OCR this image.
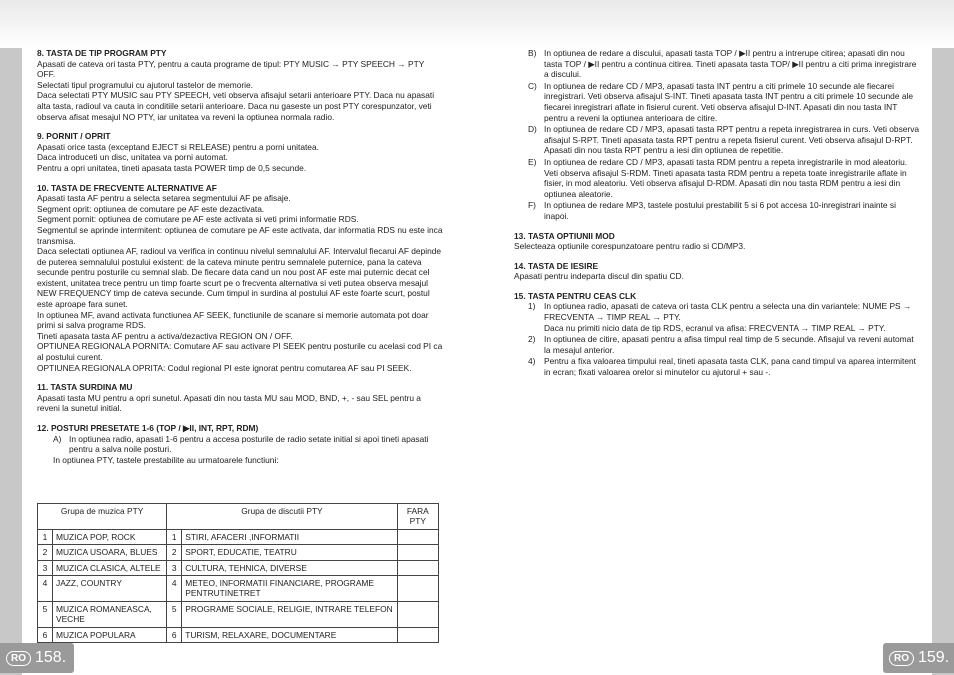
8. TASTA DE TIP PROGRAM PTY

Apasati de cateva ori tasta PTY, pentru a cauta programe de tipul: PTY MUSIC → PTY SPEECH → PTY OFF.

Selectati tipul programului cu ajutorul tastelor de memorie.

Daca selectati PTY MUSIC sau PTY SPEECH, veti observa afisajul setarii anterioare PTY. Daca nu apasati alta tasta, radioul va cauta in conditiile setarii anterioare. Daca nu gaseste un post PTY corespunzator, veti observa afisat mesajul NO PTY, iar unitatea va reveni la optiunea normala radio.

9. PORNIT / OPRIT

Apasati orice tasta (exceptand EJECT si RELEASE) pentru a porni unitatea.

Daca introduceti un disc, unitatea va porni automat.

Pentru a opri unitatea, tineti apasata tasta POWER timp de 0,5 secunde.

10. TASTA DE FRECVENTE ALTERNATIVE AF

Apasati tasta AF pentru a selecta setarea segmentului AF pe afisaje.

Segment oprit: optiunea de comutare pe AF este dezactivata.

Segment pornit: optiunea de comutare pe AF este activata si veti primi informatie RDS.

Segmentul se aprinde intermitent: optiunea de comutare pe AF este activata, dar informatia RDS nu este inca transmisa.

Daca selectati optiunea AF, radioul va verifica in continuu nivelul semnalului AF. Intervalul fiecarui AF depinde de puterea semnalului postului existent: de la cateva minute pentru semnalele puternice, pana la cateva secunde pentru posturile cu semnal slab. De fiecare data cand un nou post AF este mai puternic decat cel existent, unitatea trece pentru un timp foarte scurt pe o frecventa alternativa si veti putea observa mesajul NEW FREQUENCY timp de cateva secunde. Cum timpul in surdina al postului AF este foarte scurt, postul este aproape fara sunet.

In optiunea MF, avand activata functiunea AF SEEK, functiunile de scanare si memorie automata pot doar primi si salva programe RDS.

Tineti apasata tasta AF pentru a activa/dezactiva REGION ON / OFF.

OPTIUNEA REGIONALA PORNITA: Comutare AF sau activare PI SEEK pentru posturile cu acelasi cod PI ca al postului curent.

OPTIUNEA REGIONALA OPRITA: Codul regional PI este ignorat pentru comutarea AF sau PI SEEK.

11. TASTA SURDINA MU

Apasati tasta MU pentru a opri sunetul. Apasati din nou tasta MU sau MOD, BND, +, - sau SEL pentru a reveni la sunetul initial.

12. POSTURI PRESETATE 1-6 (TOP / ▶II, INT, RPT, RDM)
A) In optiunea radio, apasati 1-6 pentru a accesa posturile de radio setate initial si apoi tineti apasati pentru a salva noile posturi.

In optiunea PTY, tastele prestabilite au urmatoarele functiuni:

Grupa de muzica PTY		Grupa de discutii PTY		FARA PTY
1	MUZICA POP, ROCK	1	STIRI, AFACERI ,INFORMATII	
2	MUZICA USOARA, BLUES	2	SPORT, EDUCATIE, TEATRU	
3	MUZICA CLASICA, ALTELE	3	CULTURA, TEHNICA, DIVERSE	
4	JAZZ, COUNTRY	4	METEO, INFORMATII FINANCIARE, PROGRAME PENTRUTINETRET	
5	MUZICA ROMANEASCA, VECHE	5	PROGRAME SOCIALE, RELIGIE, INTRARE TELEFON	
6	MUZICA POPULARA	6	TURISM, RELAXARE, DOCUMENTARE	
B) In optiunea de redare a discului, apasati tasta TOP / ▶II pentru a intrerupe citirea; apasati din nou tasta TOP / ▶II pentru a continua citirea. Tineti apasata tasta TOP/ ▶II pentru a citi prima inregistrare a discului.
C) In optiunea de redare CD / MP3, apasati tasta INT pentru a citi primele 10 secunde ale fiecarei inregistrari. Veti observa afisajul S-INT. Tineti apasata tasta INT pentru a citi primele 10 secunde ale fiecarei inregistrari aflate in fisierul curent. Veti observa afisajul D-INT. Apasati din nou tasta INT pentru a reveni la optiunea anterioara de citire.
D) In optiunea de redare CD / MP3, apasati tasta RPT pentru a repeta inregistrarea in curs. Veti observa afisajul S-RPT. Tineti apasata tasta RPT pentru a repeta fisierul curent. Veti observa afisajul D-RPT. Apasati din nou tasta RPT pentru a iesi din optiunea de repetitie.
E) In optiunea de redare CD / MP3, apasati tasta RDM pentru a repeta inregistrarile in mod aleatoriu. Veti observa afisajul S-RDM. Tineti apasata tasta RDM pentru a repeta toate inregistrarile aflate in fisier, in mod aleatoriu. Veti observa afisajul D-RDM. Apasati din nou tasta RDM pentru a iesi din optiunea aleatorie.
F) In optiunea de redare MP3, tastele postului prestabilit 5 si 6 pot accesa 10-inregistrari inainte si inapoi.
13. TASTA OPTIUNII MOD

Selecteaza optiunile corespunzatoare pentru radio si CD/MP3.

14. TASTA DE IESIRE

Apasati pentru indeparta discul din spatiu CD.

15. TASTA PENTRU CEAS CLK
1)	In optiunea radio, apasati de cateva ori tasta CLK pentru a selecta una din variantele: NUME PS → FRECVENTA → TIMP REAL → PTY.
Daca nu primiti nicio data de tip RDS, ecranul va afisa: FRECVENTA → TIMP REAL → PTY.
2)	In optiunea de citire, apasati pentru a afisa timpul real timp de 5 secunde. Afisajul va reveni automat la mesajul anterior.
4)	Pentru a fixa valoarea timpului real, tineti apasata tasta CLK, pana cand timpul va aparea intermitent in ecran; fixati valoarea orelor si minutelor cu ajutorul + sau -.
RO 158.	RO 159.
